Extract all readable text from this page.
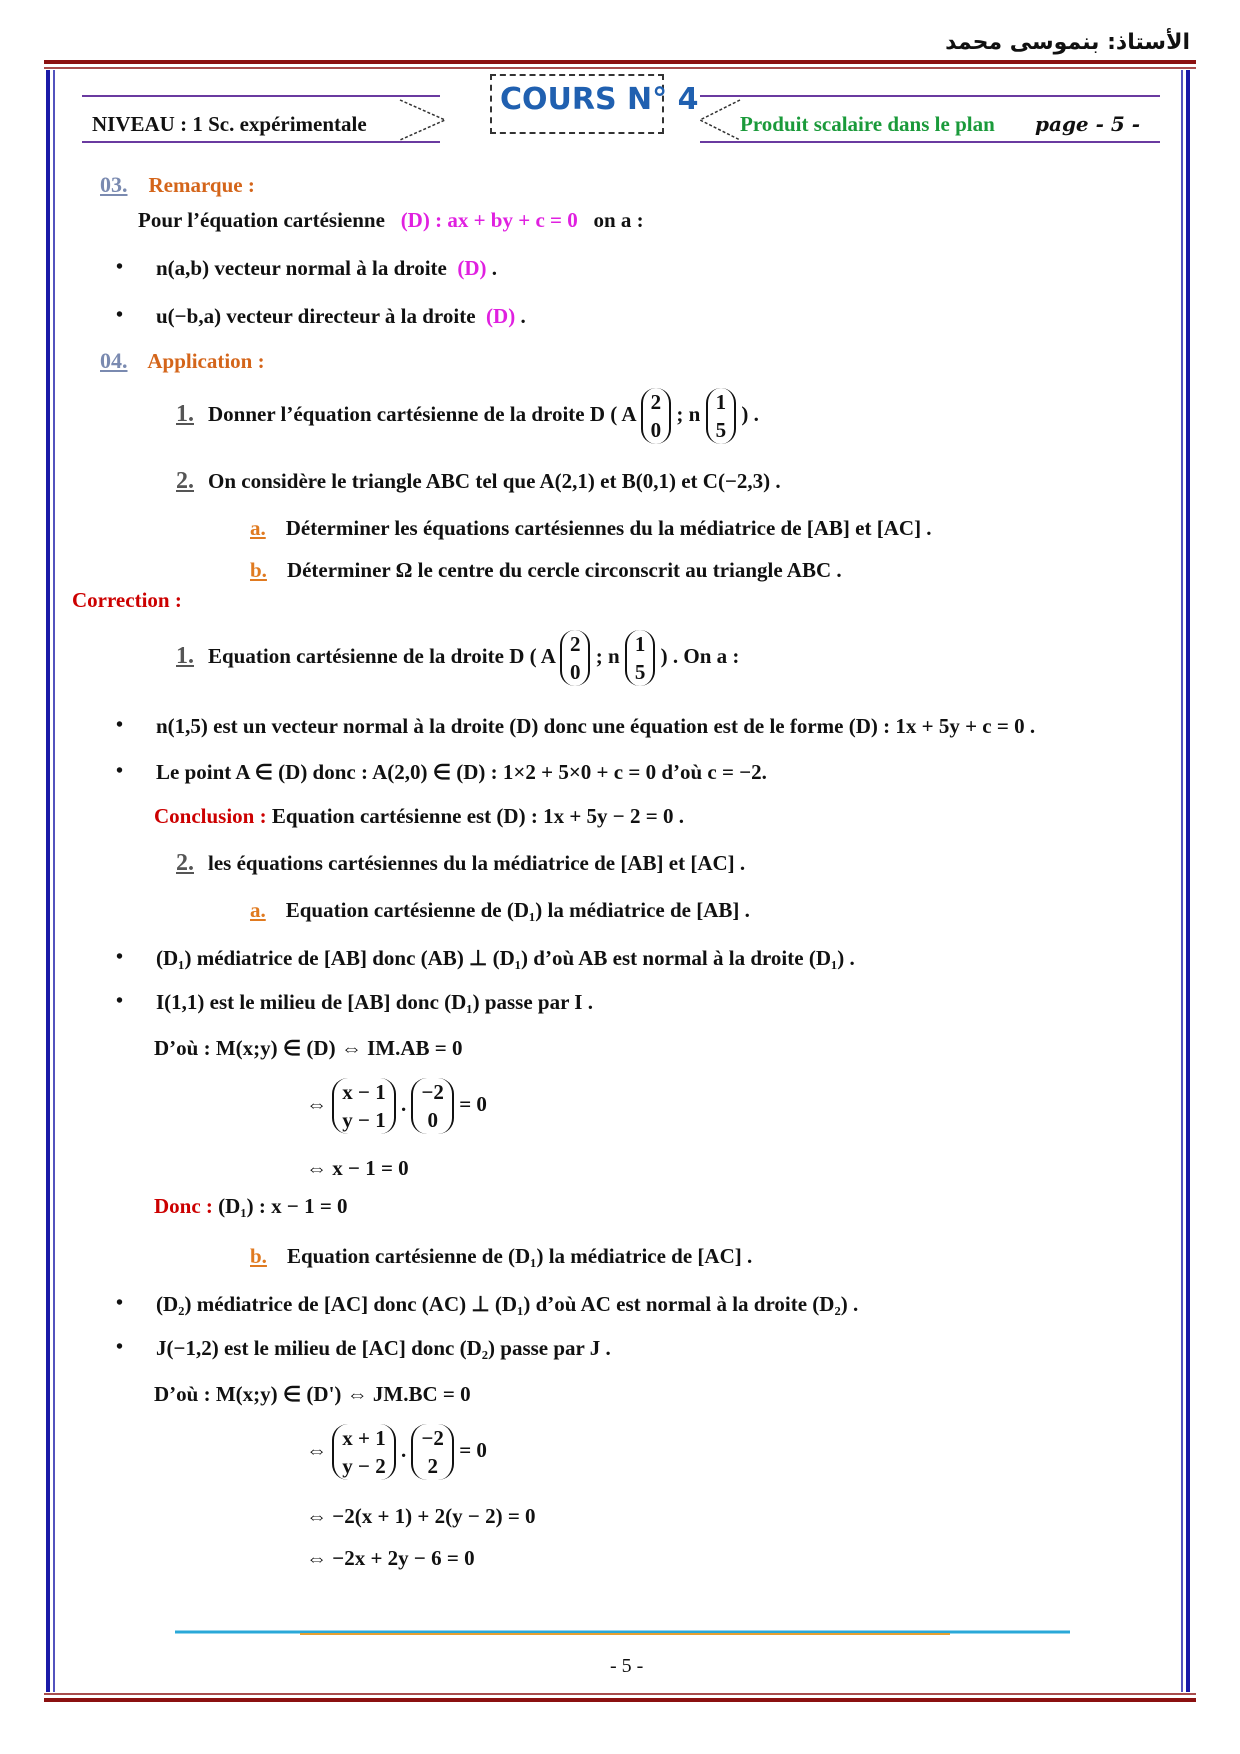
الأستاذ: بنموسى محمد
COURS N° 4
NIVEAU : 1 Sc. expérimentale	Produit scalaire dans le plan page - 5 -
03. Remarque :
Pour l’équation cartésienne (D) : ax + by + c = 0 on a :
• n(a,b) vecteur normal à la droite (D) .
• u(−b,a) vecteur directeur à la droite (D) .
04. Application :
1. Donner l’équation cartésienne de la droite D ( A 2
0 ; n 1
5 ) .
2. On considère le triangle ABC tel que A(2,1) et B(0,1) et C(−2,3) .
a. Déterminer les équations cartésiennes du la médiatrice de [AB] et [AC] .
b. Déterminer Ω le centre du cercle circonscrit au triangle ABC .
Correction :
1. Equation cartésienne de la droite D ( A 2
0 ; n 1
5 ) . On a :
• n(1,5) est un vecteur normal à la droite (D) donc une équation est de le forme (D) : 1x + 5y + c = 0 .
• Le point A ∈ (D) donc : A(2,0) ∈ (D) : 1×2 + 5×0 + c = 0 d’où c = −2.
Conclusion : Equation cartésienne est (D) : 1x + 5y − 2 = 0 .
2. les équations cartésiennes du la médiatrice de [AB] et [AC] .
a. Equation cartésienne de (D₁) la médiatrice de [AB] .
• (D₁) médiatrice de [AB] donc (AB) ⊥ (D₁) d’où AB est normal à la droite (D₁) .
• I(1,1) est le milieu de [AB] donc (D₁) passe par I .
D’où : M(x;y) ∈ (D) ⇔ IM.AB = 0
⇔ x − 1
y − 1 . −2
0 = 0
⇔ x − 1 = 0
Donc : (D₁) : x − 1 = 0
b. Equation cartésienne de (D₁) la médiatrice de [AC] .
• (D₂) médiatrice de [AC] donc (AC) ⊥ (D₁) d’où AC est normal à la droite (D₂) .
• J(−1,2) est le milieu de [AC] donc (D₂) passe par J .
D’où : M(x;y) ∈ (D') ⇔ JM.BC = 0
⇔ x + 1
y − 2 . −2
2 = 0
⇔ −2(x + 1) + 2(y − 2) = 0
⇔ −2x + 2y − 6 = 0
- 5 -
